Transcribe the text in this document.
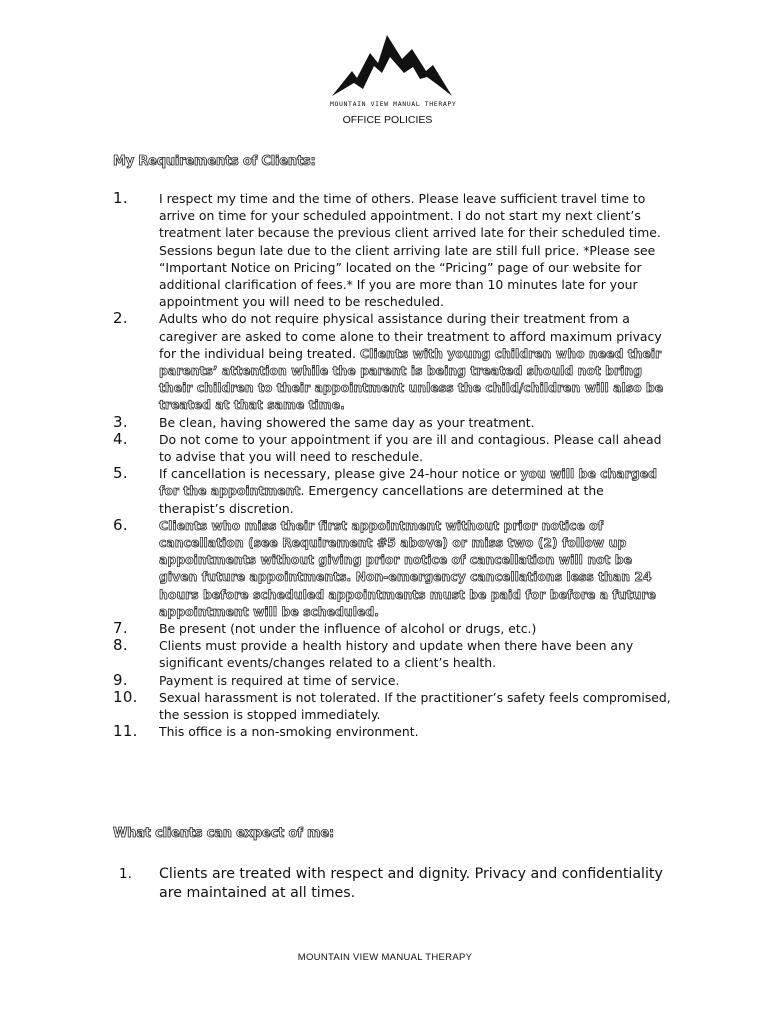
MOUNTAIN VIEW MANUAL THERAPY
OFFICE POLICIES
My Requirements of Clients:
1.	I respect my time and the time of others. Please leave sufficient travel time to arrive on time for your scheduled appointment. I do not start my next client’s treatment later because the previous client arrived late for their scheduled time. Sessions begun late due to the client arriving late are still full price. *Please see “Important Notice on Pricing” located on the “Pricing” page of our website for additional clarification of fees.* If you are more than 10 minutes late for your appointment you will need to be rescheduled.
2.	Adults who do not require physical assistance during their treatment from a caregiver are asked to come alone to their treatment to afford maximum privacy for the individual being treated. Clients with young children who need their parents’ attention while the parent is being treated should not bring their children to their appointment unless the child/children will also be treated at that same time.
3.	Be clean, having showered the same day as your treatment.
4.	Do not come to your appointment if you are ill and contagious. Please call ahead to advise that you will need to reschedule.
5.	If cancellation is necessary, please give 24-hour notice or you will be charged for the appointment. Emergency cancellations are determined at the therapist’s discretion.
6.	Clients who miss their first appointment without prior notice of cancellation (see Requirement #5 above) or miss two (2) follow up appointments without giving prior notice of cancellation will not be given future appointments. Non-emergency cancellations less than 24 hours before scheduled appointments must be paid for before a future appointment will be scheduled.
7.	Be present (not under the influence of alcohol or drugs, etc.)
8.	Clients must provide a health history and update when there have been any significant events/changes related to a client’s health.
9.	Payment is required at time of service.
10.	Sexual harassment is not tolerated. If the practitioner’s safety feels compromised, the session is stopped immediately.
11.	This office is a non-smoking environment.
What clients can expect of me:
1. Clients are treated with respect and dignity. Privacy and confidentiality are maintained at all times.
MOUNTAIN VIEW MANUAL THERAPY
